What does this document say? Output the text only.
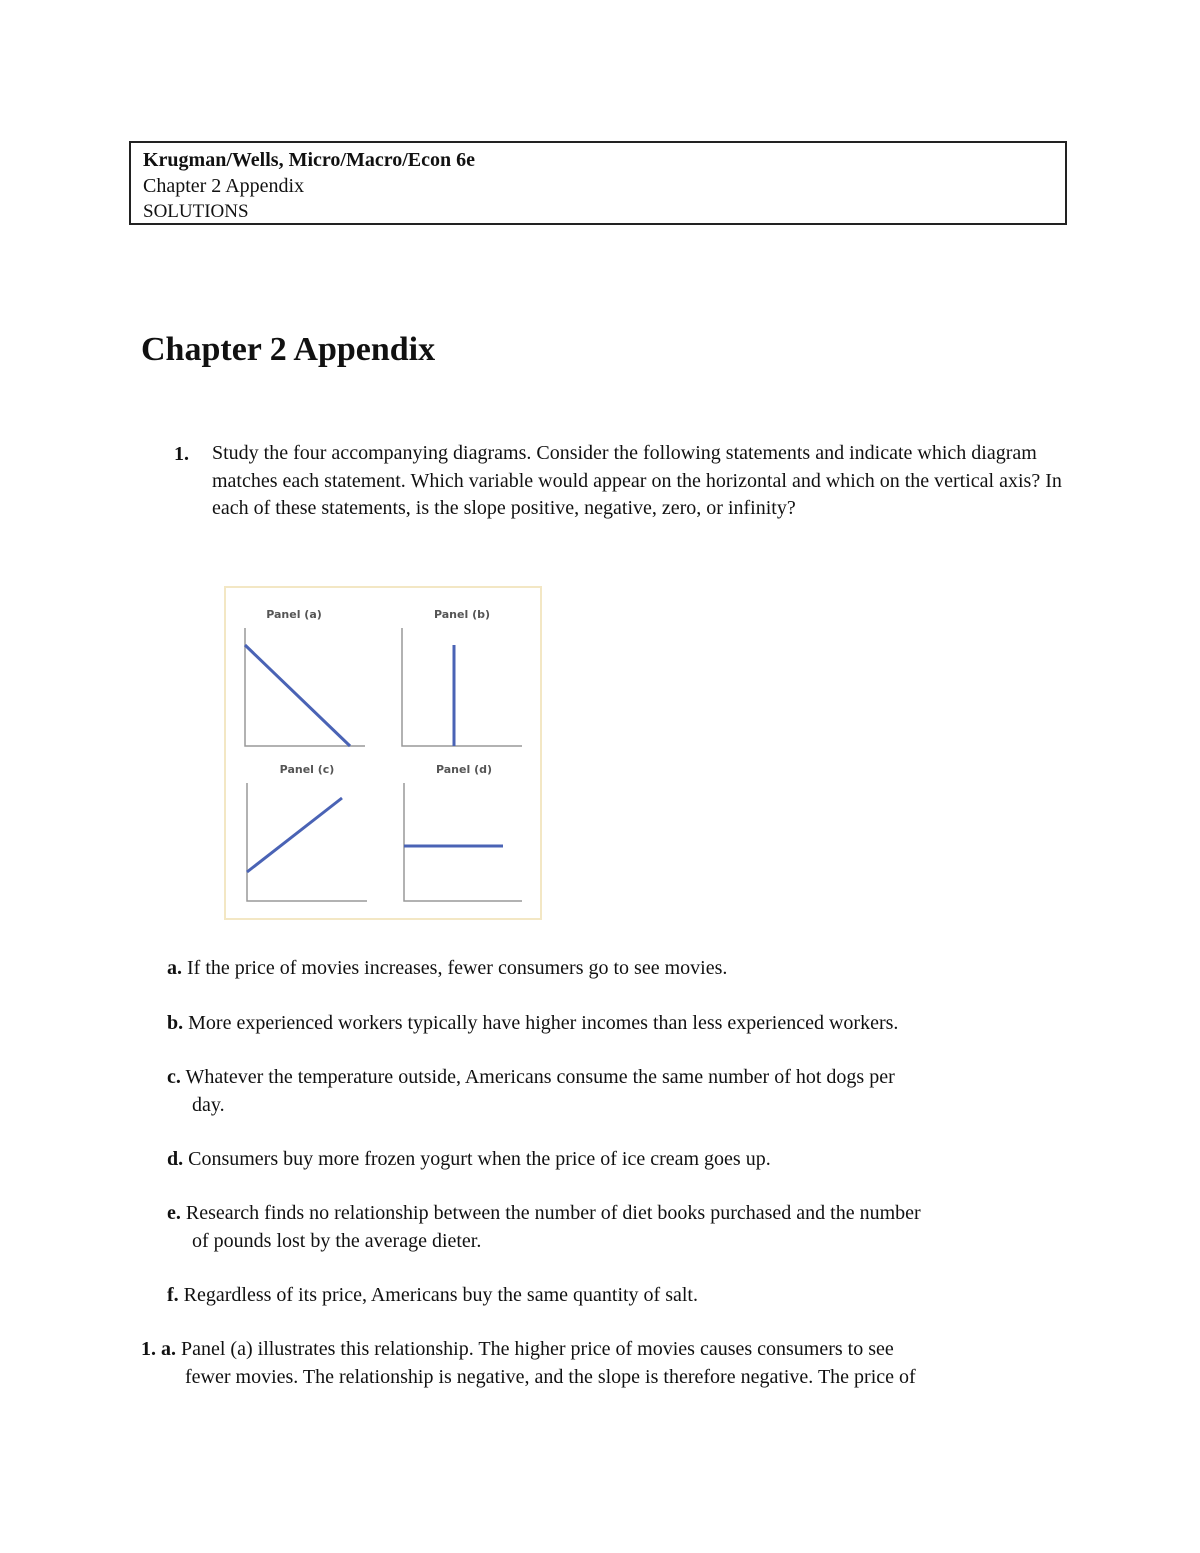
Krugman/Wells, Micro/Macro/Econ 6e
Chapter 2 Appendix
SOLUTIONS
Chapter 2 Appendix
1. Study the four accompanying diagrams. Consider the following statements and indicate which diagram matches each statement. Which variable would appear on the horizontal and which on the vertical axis? In each of these statements, is the slope positive, negative, zero, or infinity?
Panel (a)	Panel (b)
Panel (c)	Panel (d)
a. If the price of movies increases, fewer consumers go to see movies.
b. More experienced workers typically have higher incomes than less experienced workers.
c. Whatever the temperature outside, Americans consume the same number of hot dogs per
day.
d. Consumers buy more frozen yogurt when the price of ice cream goes up.
e. Research finds no relationship between the number of diet books purchased and the number
of pounds lost by the average dieter.
f. Regardless of its price, Americans buy the same quantity of salt.
1. a. Panel (a) illustrates this relationship. The higher price of movies causes consumers to see
fewer movies. The relationship is negative, and the slope is therefore negative. The price of
